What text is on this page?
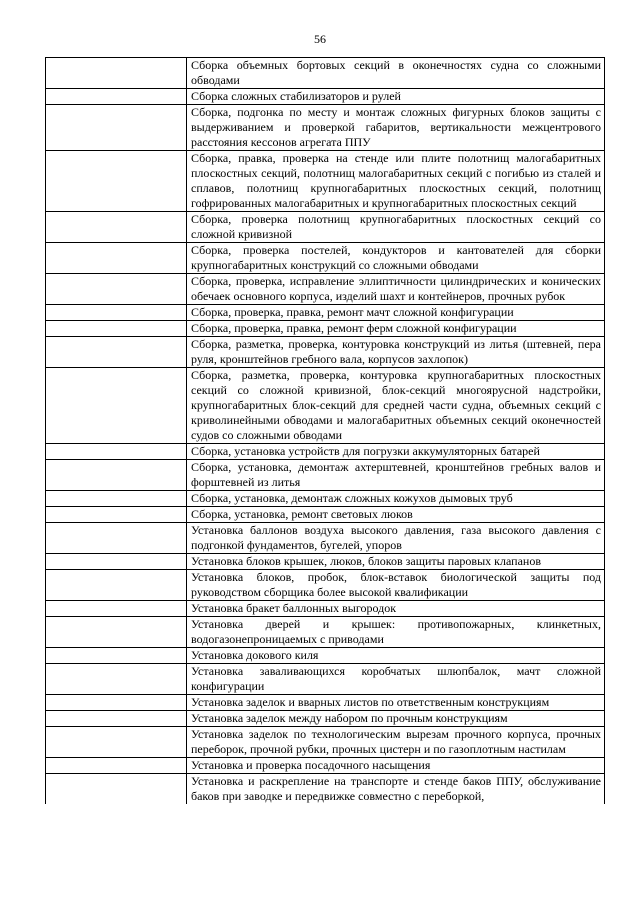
56
	Сборка объемных бортовых секций в оконечностях судна со сложными обводами
	Сборка сложных стабилизаторов и рулей
	Сборка, подгонка по месту и монтаж сложных фигурных блоков защиты с выдерживанием и проверкой габаритов, вертикальности межцентрового расстояния кессонов агрегата ППУ
	Сборка, правка, проверка на стенде или плите полотнищ малогабаритных плоскостных секций, полотнищ малогабаритных секций с погибью из сталей и сплавов, полотнищ крупногабаритных плоскостных секций, полотнищ гофрированных малогабаритных и крупногабаритных плоскостных секций
	Сборка, проверка полотнищ крупногабаритных плоскостных секций со сложной кривизной
	Сборка, проверка постелей, кондукторов и кантователей для сборки крупногабаритных конструкций со сложными обводами
	Сборка, проверка, исправление эллиптичности цилиндрических и конических обечаек основного корпуса, изделий шахт и контейнеров, прочных рубок
	Сборка, проверка, правка, ремонт мачт сложной конфигурации
	Сборка, проверка, правка, ремонт ферм сложной конфигурации
	Сборка, разметка, проверка, контуровка конструкций из литья (штевней, пера руля, кронштейнов гребного вала, корпусов захлопок)
	Сборка, разметка, проверка, контуровка крупногабаритных плоскостных секций со сложной кривизной, блок-секций многоярусной надстройки, крупногабаритных блок-секций для средней части судна, объемных секций с криволинейными обводами и малогабаритных объемных секций оконечностей судов со сложными обводами
	Сборка, установка устройств для погрузки аккумуляторных батарей
	Сборка, установка, демонтаж ахтерштевней, кронштейнов гребных валов и форштевней из литья
	Сборка, установка, демонтаж сложных кожухов дымовых труб
	Сборка, установка, ремонт световых люков
	Установка баллонов воздуха высокого давления, газа высокого давления с подгонкой фундаментов, бугелей, упоров
	Установка блоков крышек, люков, блоков защиты паровых клапанов
	Установка блоков, пробок, блок-вставок биологической защиты под руководством сборщика более высокой квалификации
	Установка бракет баллонных выгородок
	Установка дверей и крышек: противопожарных, клинкетных, водогазонепроницаемых с приводами
	Установка докового киля
	Установка заваливающихся коробчатых шлюпбалок, мачт сложной конфигурации
	Установка заделок и вварных листов по ответственным конструкциям
	Установка заделок между набором по прочным конструкциям
	Установка заделок по технологическим вырезам прочного корпуса, прочных переборок, прочной рубки, прочных цистерн и по газоплотным настилам
	Установка и проверка посадочного насыщения
	Установка и раскрепление на транспорте и стенде баков ППУ, обслуживание баков при заводке и передвижке совместно с переборкой,
